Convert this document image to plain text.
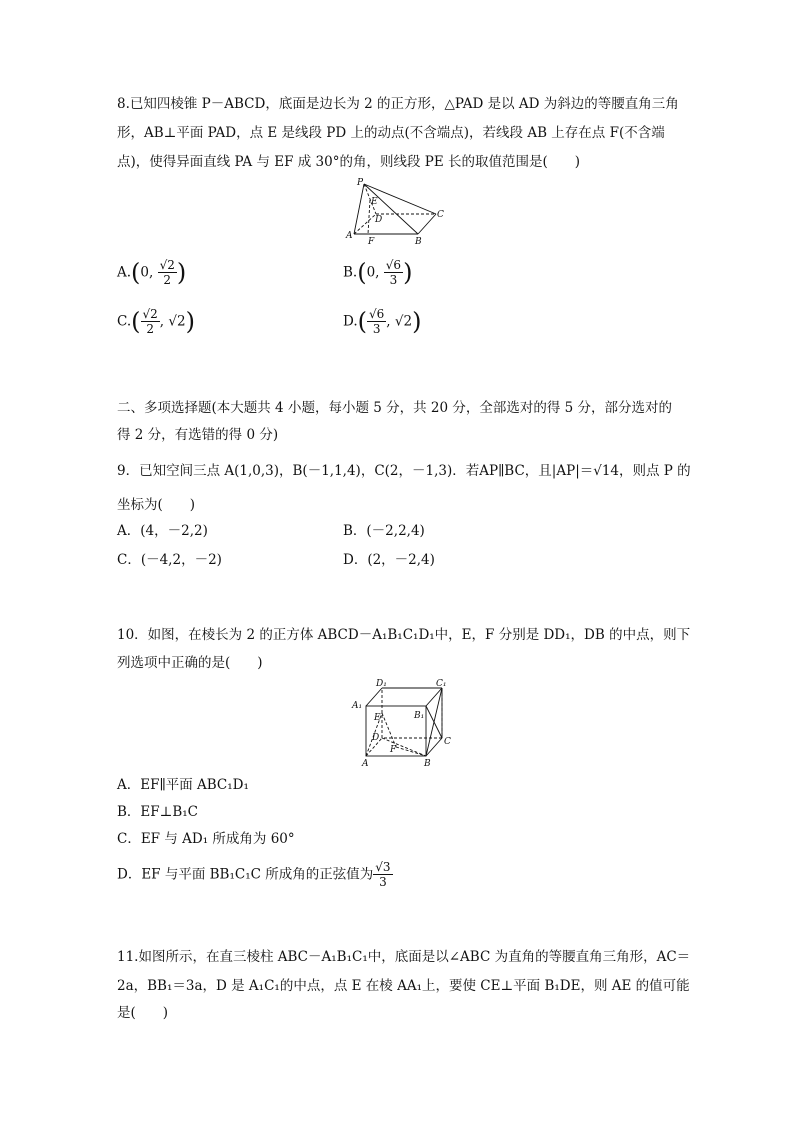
8.已知四棱锥 P－ABCD，底面是边长为 2 的正方形，△PAD 是以 AD 为斜边的等腰直角三角
形，AB⊥平面 PAD，点 E 是线段 PD 上的动点(不含端点)，若线段 AB 上存在点 F(不含端
点)，使得异面直线 PA 与 EF 成 30°的角，则线段 PE 长的取值范围是(　　)
P
E
D	C
A
F	B
A.(0, $\frac{√2}{2}$ )	B.(0, $\frac{√6}{3}$ )
$C.( \frac{√2}{2}$ , √2)	$D.( \frac{√6}{3}$ , √2)
二、多项选择题(本大题共 4 小题，每小题 5 分，共 20 分，全部选对的得 5 分，部分选对的
得 2 分，有选错的得 0 分)
9．已知空间三点 A(1,0,3)，B(－1,1,4)，C(2，－1,3)．若AP∥BC，且|AP|＝√14，则点 P 的
坐标为(　　)
A．(4，－2,2)	B．(－2,2,4)
C．(－4,2，－2)	D．(2，－2,4)
10．如图，在棱长为 2 的正方体 ABCD－A₁B₁C₁D₁中，E，F 分别是 DD₁，DB 的中点，则下
列选项中正确的是(　　)
D₁	C₁
A₁
B₁
E
D
F
C
A	B
A．EF∥平面 ABC₁D₁
B．EF⊥B₁C
C．EF 与 AD₁ 所成角为 60°
D．EF 与平面 BB₁C₁C 所成角的正弦值为 $\frac{√3}{3}$
11.如图所示，在直三棱柱 ABC－A₁B₁C₁中，底面是以∠ABC 为直角的等腰直角三角形，AC＝
2a，BB₁＝3a，D 是 A₁C₁的中点，点 E 在棱 AA₁上，要使 CE⊥平面 B₁DE，则 AE 的值可能
是(　　)
